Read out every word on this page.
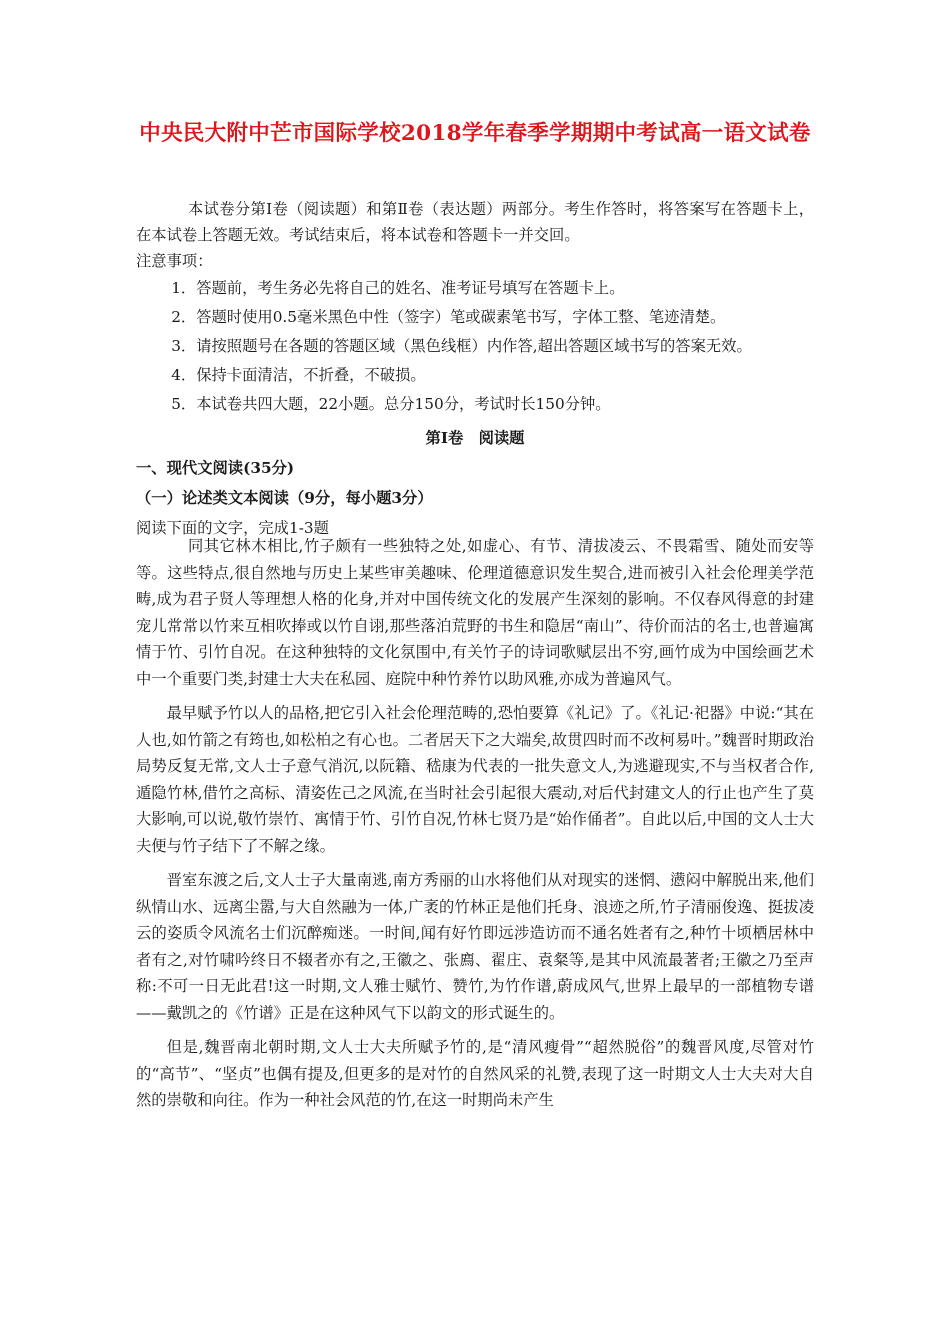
中央民大附中芒市国际学校2018学年春季学期期中考试高一语文试卷

本试卷分第Ⅰ卷（阅读题）和第Ⅱ卷（表达题）两部分。考生作答时，将答案写在答题卡上，在本试卷上答题无效。考试结束后，将本试卷和答题卡一并交回。

注意事项：

1．答题前，考生务必先将自己的姓名、准考证号填写在答题卡上。

2．答题时使用0.5毫米黑色中性（签字）笔或碳素笔书写，字体工整、笔迹清楚。

3．请按照题号在各题的答题区域（黑色线框）内作答,超出答题区域书写的答案无效。

4．保持卡面清洁，不折叠，不破损。

5．本试卷共四大题，22小题。总分150分，考试时长150分钟。

第Ⅰ卷　阅读题

一、现代文阅读(35分)

（一）论述类文本阅读（9分，每小题3分）

阅读下面的文字，完成1-3题

同其它林木相比,竹子颇有一些独特之处,如虚心、有节、清拔凌云、不畏霜雪、随处而安等等。这些特点,很自然地与历史上某些审美趣味、伦理道德意识发生契合,进而被引入社会伦理美学范畴,成为君子贤人等理想人格的化身,并对中国传统文化的发展产生深刻的影响。不仅春风得意的封建宠儿常常以竹来互相吹捧或以竹自诩,那些落泊荒野的书生和隐居“南山”、待价而沽的名士,也普遍寓情于竹、引竹自况。在这种独特的文化氛围中,有关竹子的诗词歌赋层出不穷,画竹成为中国绘画艺术中一个重要门类,封建士大夫在私园、庭院中种竹养竹以助风雅,亦成为普遍风气。

最早赋予竹以人的品格,把它引入社会伦理范畴的,恐怕要算《礼记》了。《礼记·祀器》中说:“其在人也,如竹箭之有筠也,如松柏之有心也。二者居天下之大端矣,故贯四时而不改柯易叶。”魏晋时期政治局势反复无常,文人士子意气消沉,以阮籍、嵇康为代表的一批失意文人,为逃避现实,不与当权者合作,遁隐竹林,借竹之高标、清姿佐己之风流,在当时社会引起很大震动,对后代封建文人的行止也产生了莫大影响,可以说,敬竹崇竹、寓情于竹、引竹自况,竹林七贤乃是“始作俑者”。自此以后,中国的文人士大夫便与竹子结下了不解之缘。

晋室东渡之后,文人士子大量南逃,南方秀丽的山水将他们从对现实的迷惘、懑闷中解脱出来,他们纵情山水、远离尘嚣,与大自然融为一体,广袤的竹林正是他们托身、浪迹之所,竹子清丽俊逸、挺拔凌云的姿质令风流名士们沉醉痴迷。一时间,闻有好竹即远涉造访而不通名姓者有之,种竹十顷栖居林中者有之,对竹啸吟终日不辍者亦有之,王徽之、张廌、翟庄、袁粲等,是其中风流最著者;王徽之乃至声称:不可一日无此君!这一时期,文人雅士赋竹、赞竹,为竹作谱,蔚成风气,世界上最早的一部植物专谱——戴凯之的《竹谱》正是在这种风气下以韵文的形式诞生的。

但是,魏晋南北朝时期,文人士大夫所赋予竹的,是“清风瘦骨”“超然脱俗”的魏晋风度,尽管对竹的“高节”、“坚贞”也偶有提及,但更多的是对竹的自然风采的礼赞,表现了这一时期文人士大夫对大自然的崇敬和向往。作为一种社会风范的竹,在这一时期尚未产生
